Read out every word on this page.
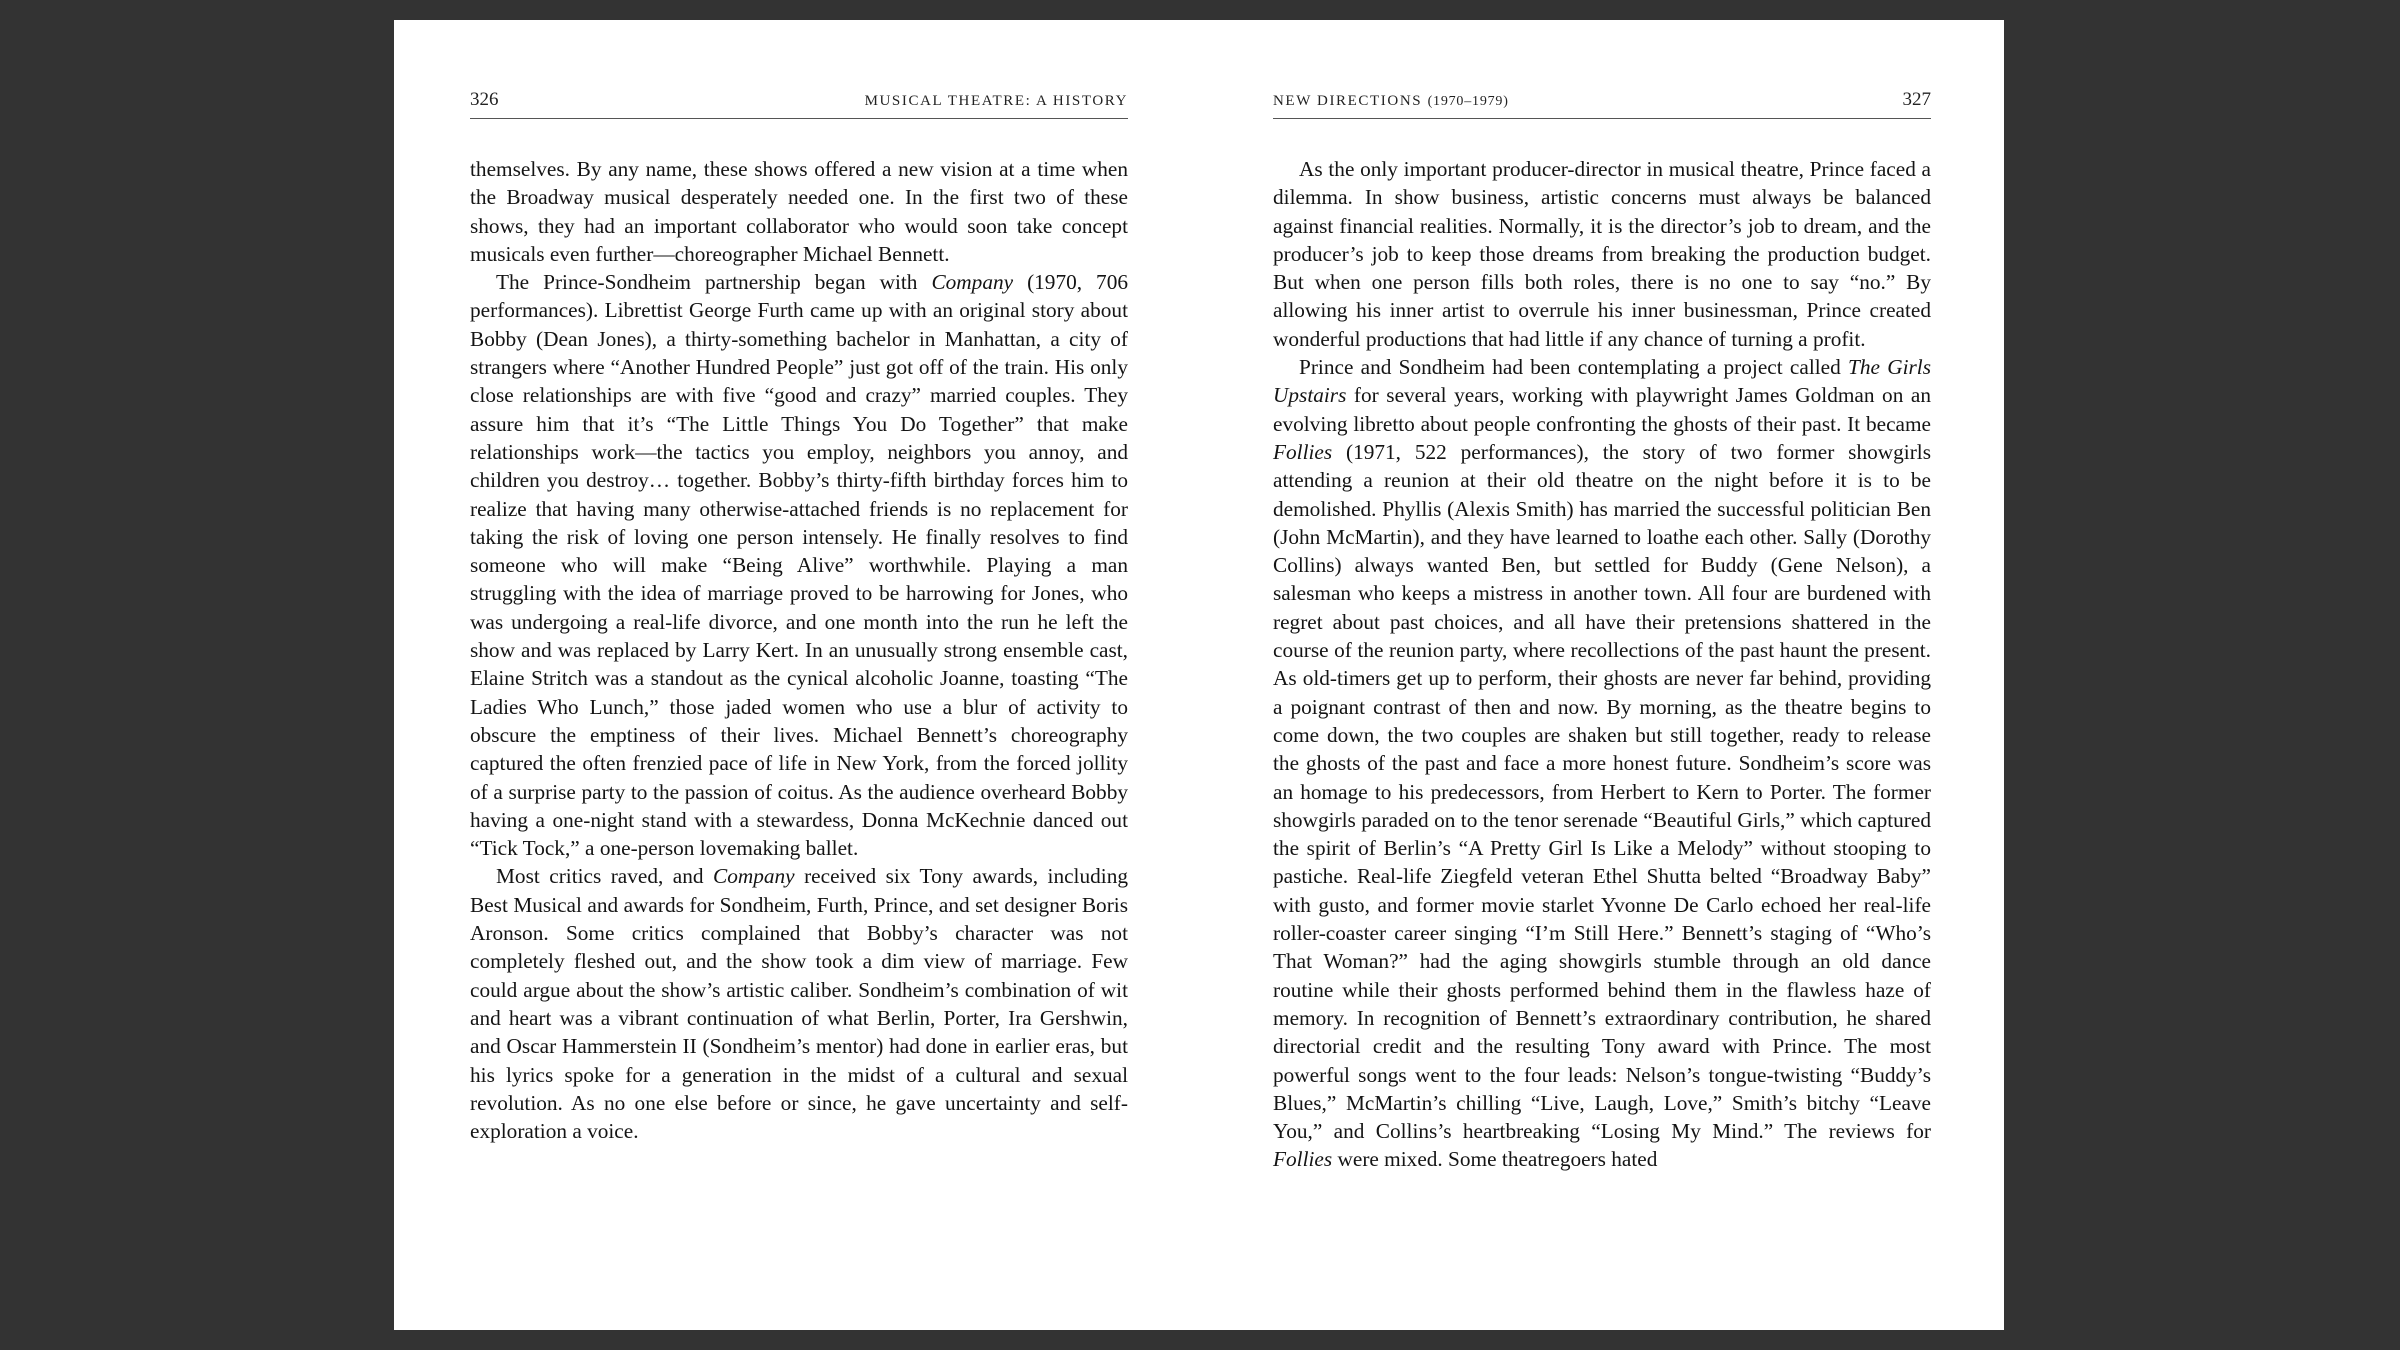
326	MUSICAL THEATRE: A HISTORY

themselves. By any name, these shows offered a new vision at a time when the Broadway musical desperately needed one. In the first two of these shows, they had an important collaborator who would soon take concept musicals even further—choreographer Michael Bennett.

The Prince-Sondheim partnership began with Company (1970, 706 performances). Librettist George Furth came up with an original story about Bobby (Dean Jones), a thirty-something bachelor in Manhattan, a city of strangers where “Another Hundred People” just got off of the train. His only close relationships are with five “good and crazy” married couples. They assure him that it’s “The Little Things You Do Together” that make relationships work—the tactics you employ, neighbors you annoy, and children you destroy… together. Bobby’s thirty-fifth birthday forces him to realize that having many otherwise-attached friends is no replacement for taking the risk of loving one person intensely. He finally resolves to find someone who will make “Being Alive” worthwhile. Playing a man struggling with the idea of marriage proved to be harrowing for Jones, who was undergoing a real-life divorce, and one month into the run he left the show and was replaced by Larry Kert. In an unusually strong ensemble cast, Elaine Stritch was a standout as the cynical alcoholic Joanne, toasting “The Ladies Who Lunch,” those jaded women who use a blur of activity to obscure the emptiness of their lives. Michael Bennett’s choreography captured the often frenzied pace of life in New York, from the forced jollity of a surprise party to the passion of coitus. As the audience overheard Bobby having a one-night stand with a stewardess, Donna McKechnie danced out “Tick Tock,” a one-person lovemaking ballet.

Most critics raved, and Company received six Tony awards, including Best Musical and awards for Sondheim, Furth, Prince, and set designer Boris Aronson. Some critics complained that Bobby’s character was not completely fleshed out, and the show took a dim view of marriage. Few could argue about the show’s artistic caliber. Sondheim’s combination of wit and heart was a vibrant continuation of what Berlin, Porter, Ira Gershwin, and Oscar Hammerstein II (Sondheim’s mentor) had done in earlier eras, but his lyrics spoke for a generation in the midst of a cultural and sexual revolution. As no one else before or since, he gave uncertainty and self-exploration a voice.

NEW DIRECTIONS (1970–1979)	327

As the only important producer-director in musical theatre, Prince faced a dilemma. In show business, artistic concerns must always be balanced against financial realities. Normally, it is the director’s job to dream, and the producer’s job to keep those dreams from breaking the production budget. But when one person fills both roles, there is no one to say “no.” By allowing his inner artist to overrule his inner businessman, Prince created wonderful productions that had little if any chance of turning a profit.

Prince and Sondheim had been contemplating a project called The Girls Upstairs for several years, working with playwright James Goldman on an evolving libretto about people confronting the ghosts of their past. It became Follies (1971, 522 performances), the story of two former showgirls attending a reunion at their old theatre on the night before it is to be demolished. Phyllis (Alexis Smith) has married the successful politician Ben (John McMartin), and they have learned to loathe each other. Sally (Dorothy Collins) always wanted Ben, but settled for Buddy (Gene Nelson), a salesman who keeps a mistress in another town. All four are burdened with regret about past choices, and all have their pretensions shattered in the course of the reunion party, where recollections of the past haunt the present. As old-timers get up to perform, their ghosts are never far behind, providing a poignant contrast of then and now. By morning, as the theatre begins to come down, the two couples are shaken but still together, ready to release the ghosts of the past and face a more honest future. Sondheim’s score was an homage to his predecessors, from Herbert to Kern to Porter. The former showgirls paraded on to the tenor serenade “Beautiful Girls,” which captured the spirit of Berlin’s “A Pretty Girl Is Like a Melody” without stooping to pastiche. Real-life Ziegfeld veteran Ethel Shutta belted “Broadway Baby” with gusto, and former movie starlet Yvonne De Carlo echoed her real-life roller-coaster career singing “I’m Still Here.” Bennett’s staging of “Who’s That Woman?” had the aging showgirls stumble through an old dance routine while their ghosts performed behind them in the flawless haze of memory. In recognition of Bennett’s extraordinary contribution, he shared directorial credit and the resulting Tony award with Prince. The most powerful songs went to the four leads: Nelson’s tongue-twisting “Buddy’s Blues,” McMartin’s chilling “Live, Laugh, Love,” Smith’s bitchy “Leave You,” and Collins’s heartbreaking “Losing My Mind.” The reviews for Follies were mixed. Some theatregoers hated
